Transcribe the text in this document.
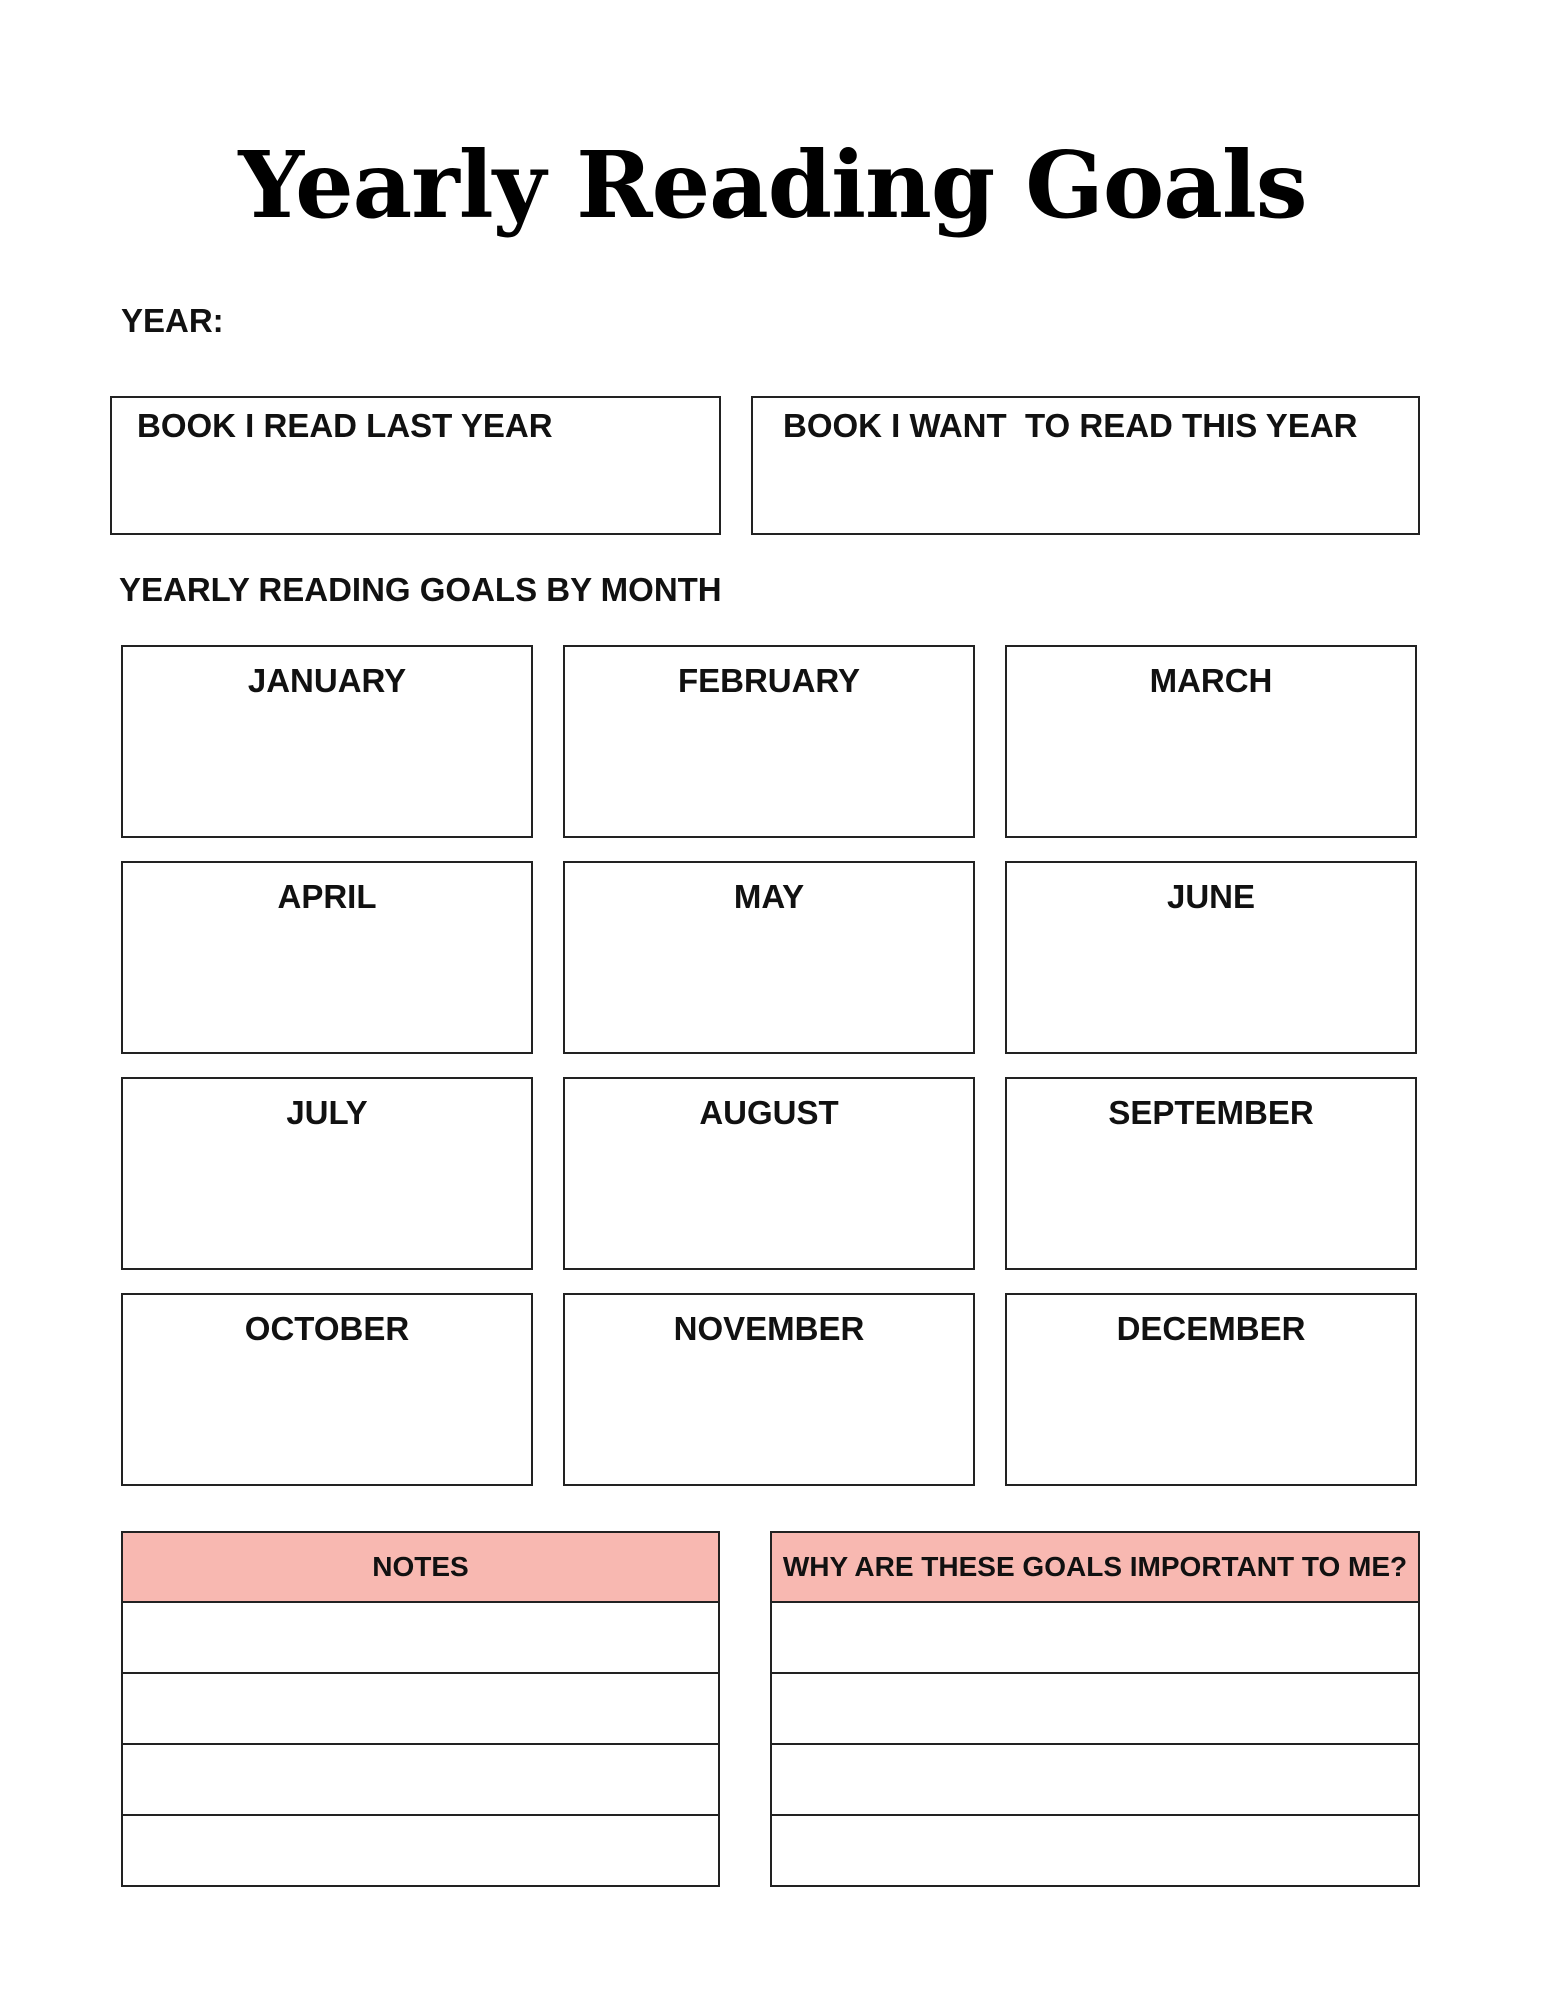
Yearly Reading Goals
YEAR:
BOOK I READ LAST YEAR	BOOK I WANT  TO READ THIS YEAR
YEARLY READING GOALS BY MONTH
JANUARY	FEBRUARY	MARCH
APRIL	MAY	JUNE
JULY	AUGUST	SEPTEMBER
OCTOBER	NOVEMBER	DECEMBER
NOTES	WHY ARE THESE GOALS IMPORTANT TO ME?
